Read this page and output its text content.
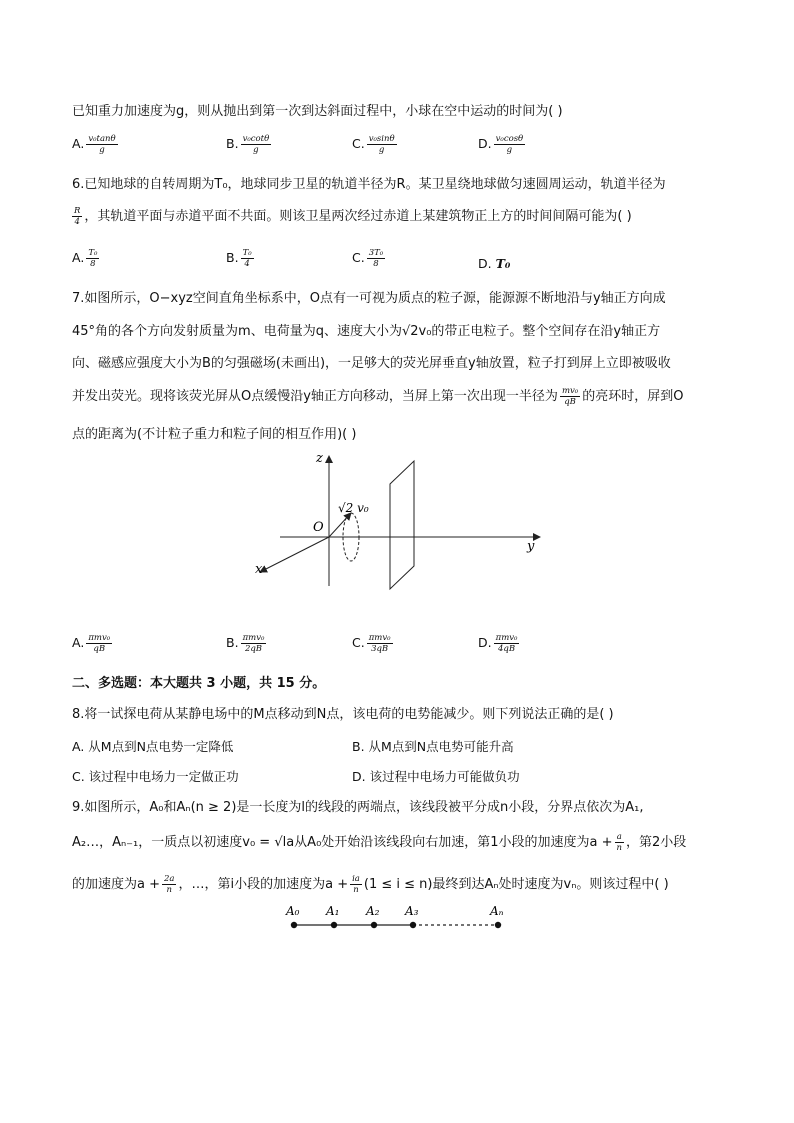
已知重力加速度为g，则从抛出到第一次到达斜面过程中，小球在空中运动的时间为( )
A. $\frac{\text{v₀tanθ}}{g}$	B. $\frac{\text{v₀cotθ}}{g}$	C. $\frac{\text{v₀sinθ}}{g}$	D. $\frac{\text{v₀cosθ}}{g}$
6.已知地球的自转周期为T₀，地球同步卫星的轨道半径为R。某卫星绕地球做匀速圆周运动，轨道半径为
$\frac{R}{4}$ ，其轨道平面与赤道平面不共面。则该卫星两次经过赤道上某建筑物正上方的时间间隔可能为( )
A. $\frac{\text{T₀}}{8}$	B. $\frac{\text{T₀}}{4}$	C. $\frac{\text{3T₀}}{8}$	D. T₀
7.如图所示，O−xyz空间直角坐标系中，O点有一可视为质点的粒子源，能源源不断地沿与y轴正方向成
45°角的各个方向发射质量为m、电荷量为q、速度大小为√2v₀的带正电粒子。整个空间存在沿y轴正方
向、磁感应强度大小为B的匀强磁场(未画出)，一足够大的荧光屏垂直y轴放置，粒子打到屏上立即被吸收
并发出荧光。现将该荧光屏从O点缓慢沿y轴正方向移动，当屏上第一次出现一半径为 $\frac{\text{mv₀}}{qB}$ 的亮环时，屏到O
点的距离为(不计粒子重力和粒子间的相互作用)( )
z
y
x
O
√2 v₀
A. $\frac{\text{πmv₀}}{qB}$	B. $\frac{\text{πmv₀}}{2qB}$	C. $\frac{\text{πmv₀}}{3qB}$	D. $\frac{\text{πmv₀}}{4qB}$
二、多选题：本大题共 3 小题，共 15 分。
8.将一试探电荷从某静电场中的M点移动到N点，该电荷的电势能减少。则下列说法正确的是( )
A. 从M点到N点电势一定降低	B. 从M点到N点电势可能升高
C. 该过程中电场力一定做正功	D. 该过程中电场力可能做负功
9.如图所示，A₀和Aₙ(n ≥ 2)是一长度为l的线段的两端点，该线段被平分成n小段，分界点依次为A₁,
A₂…，Aₙ₋₁，一质点以初速度v₀ = √la从A₀处开始沿该线段向右加速，第1小段的加速度为$a + \frac{a}{n}$ ，第2小段
的加速度为$a + \frac{2a}{n}$ ，…，第i小段的加速度为$a + \frac{ia}{n} (1 \le i \le n)$最终到达Aₙ处时速度为vₙ。则该过程中( )
A₀ A₁ A₂ A₃	Aₙ
